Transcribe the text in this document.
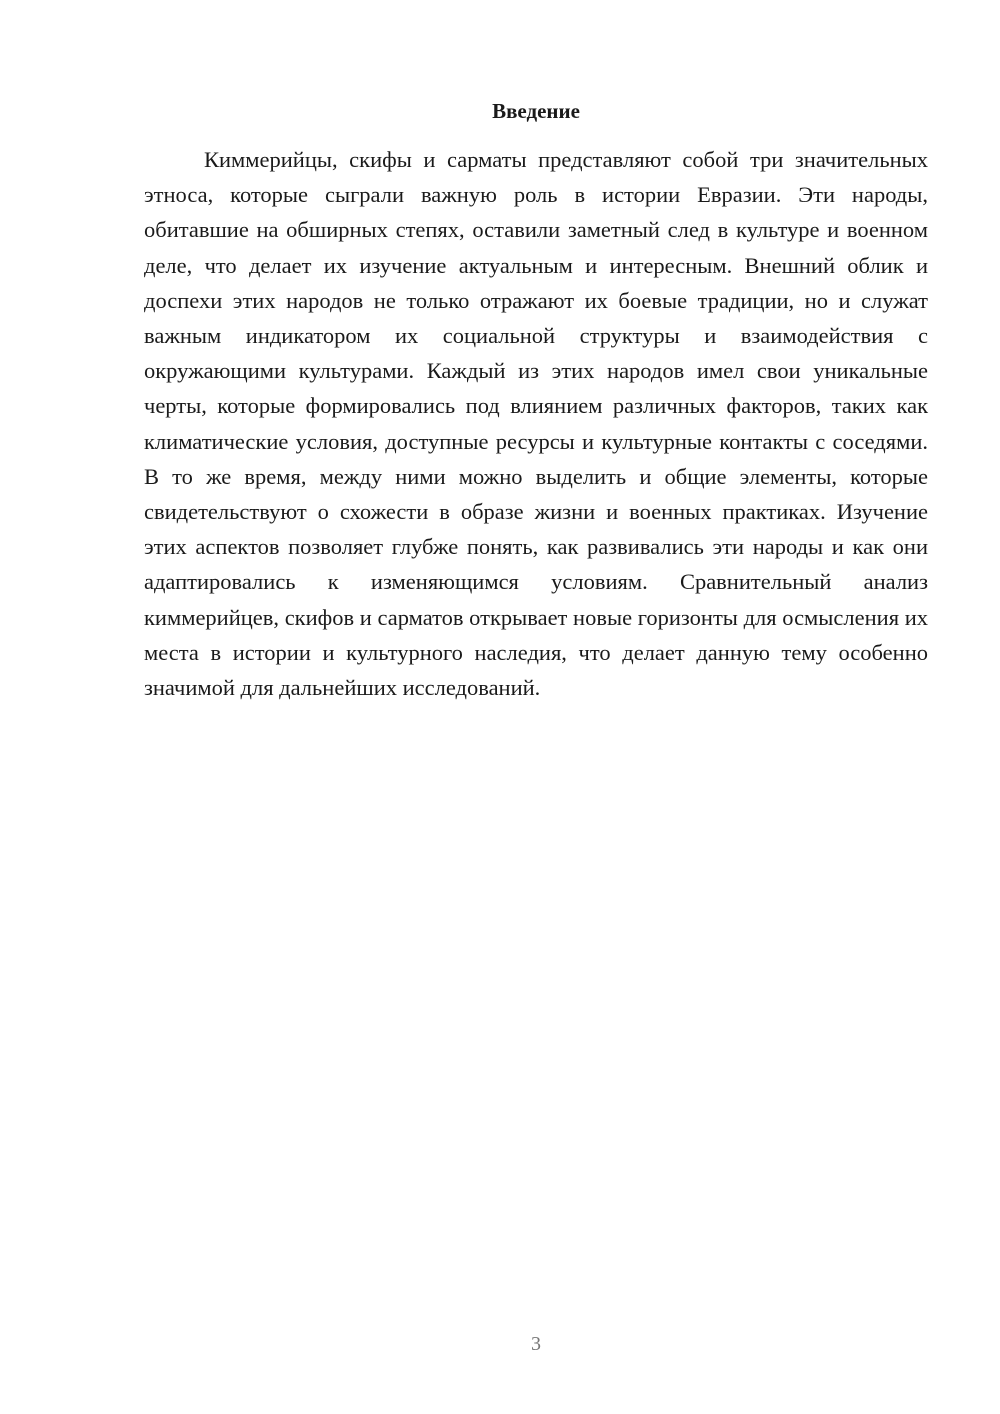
Введение

Киммерийцы, скифы и сарматы представляют собой три значительных этноса, которые сыграли важную роль в истории Евразии. Эти народы, обитавшие на обширных степях, оставили заметный след в культуре и военном деле, что делает их изучение актуальным и интересным. Внешний облик и доспехи этих народов не только отражают их боевые традиции, но и служат важным индикатором их социальной структуры и взаимодействия с окружающими культурами. Каждый из этих народов имел свои уникальные черты, которые формировались под влиянием различных факторов, таких как климатические условия, доступные ресурсы и культурные контакты с соседями. В то же время, между ними можно выделить и общие элементы, которые свидетельствуют о схожести в образе жизни и военных практиках. Изучение этих аспектов позволяет глубже понять, как развивались эти народы и как они адаптировались к изменяющимся условиям. Сравнительный анализ киммерийцев, скифов и сарматов открывает новые горизонты для осмысления их места в истории и культурного наследия, что делает данную тему особенно значимой для дальнейших исследований.

3
